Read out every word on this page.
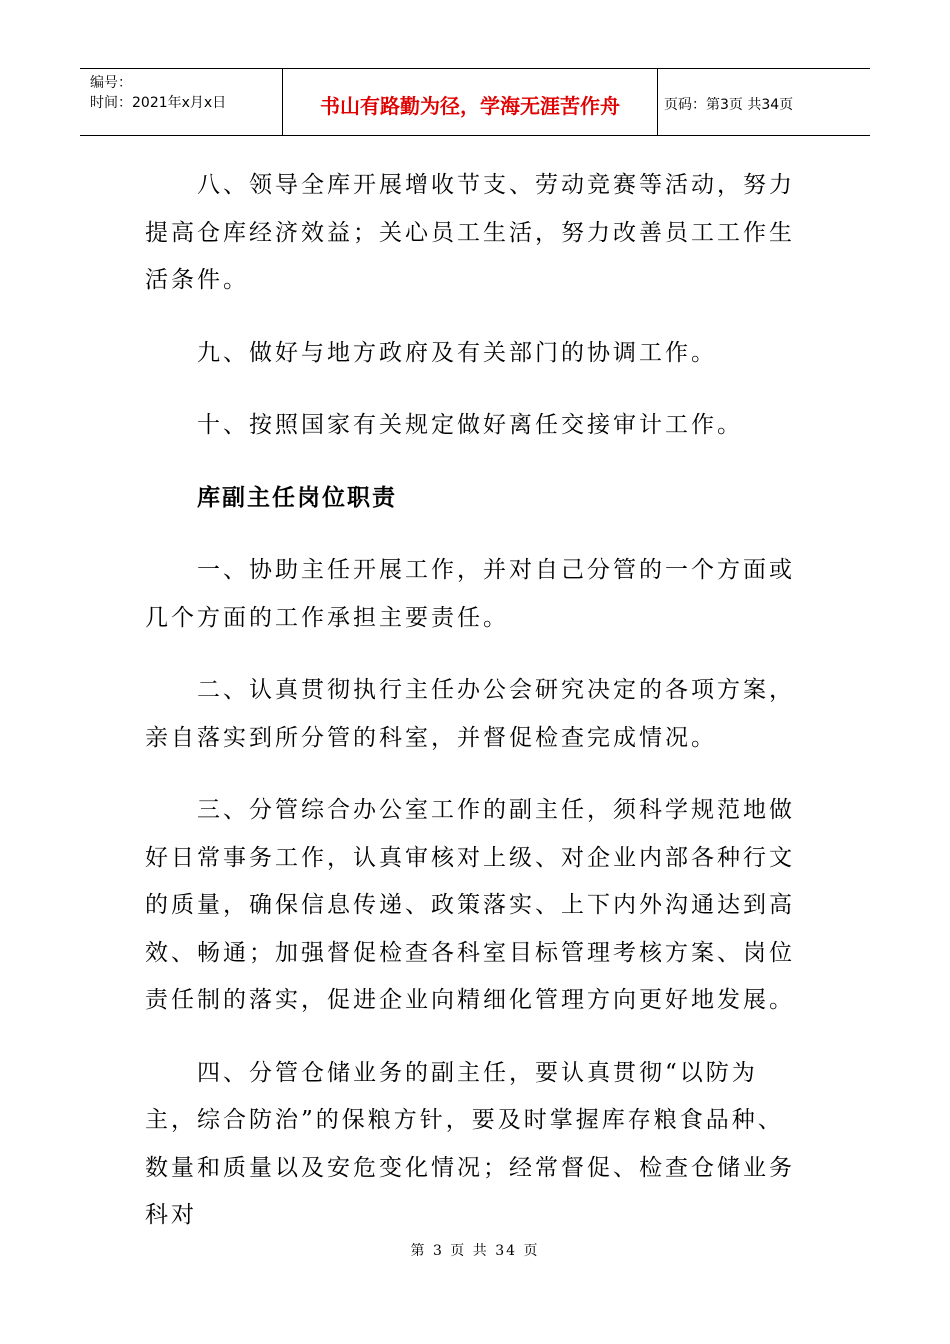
编号：
时间：2021年x月x日	书山有路勤为径，学海无涯苦作舟	页码：第3页 共34页

八、领导全库开展增收节支、劳动竞赛等活动，努力提高仓库经济效益；关心员工生活，努力改善员工工作生活条件。

九、做好与地方政府及有关部门的协调工作。

十、按照国家有关规定做好离任交接审计工作。

库副主任岗位职责

一、协助主任开展工作，并对自己分管的一个方面或几个方面的工作承担主要责任。

二、认真贯彻执行主任办公会研究决定的各项方案，亲自落实到所分管的科室，并督促检查完成情况。

三、分管综合办公室工作的副主任，须科学规范地做好日常事务工作，认真审核对上级、对企业内部各种行文的质量，确保信息传递、政策落实、上下内外沟通达到高效、畅通；加强督促检查各科室目标管理考核方案、岗位责任制的落实，促进企业向精细化管理方向更好地发展。

四、分管仓储业务的副主任，要认真贯彻“以防为主，综合防治”的保粮方针，要及时掌握库存粮食品种、数量和质量以及安危变化情况；经常督促、检查仓储业务科对

第 3 页 共 34 页
